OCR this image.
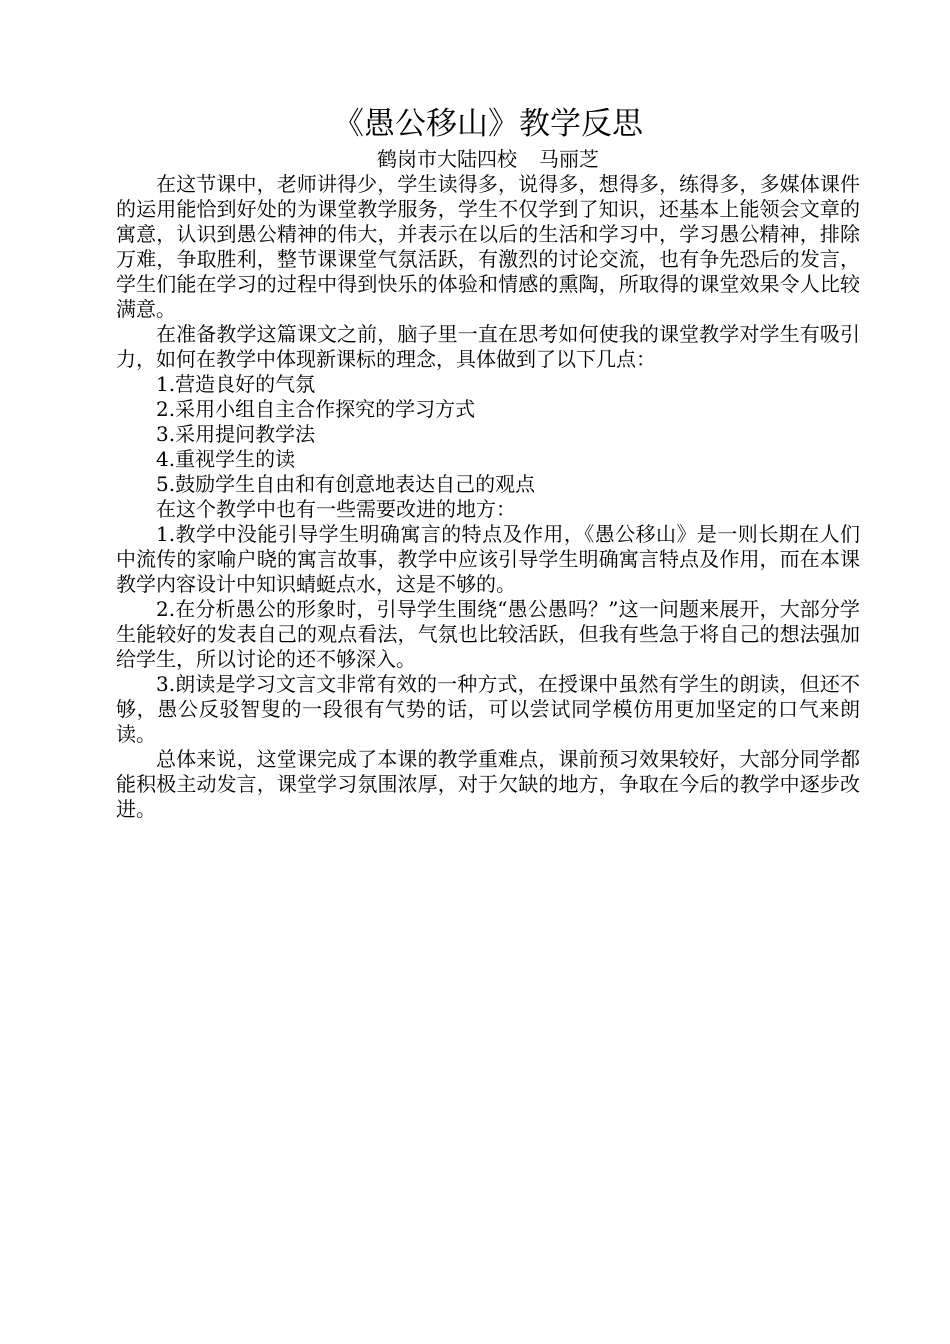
《愚公移山》教学反思

鹤岗市大陆四校 马丽芝

在这节课中，老师讲得少，学生读得多，说得多，想得多，练得多，多媒体课件的运用能恰到好处的为课堂教学服务，学生不仅学到了知识，还基本上能领会文章的寓意，认识到愚公精神的伟大，并表示在以后的生活和学习中，学习愚公精神，排除万难，争取胜利，整节课课堂气氛活跃，有激烈的讨论交流，也有争先恐后的发言，学生们能在学习的过程中得到快乐的体验和情感的熏陶，所取得的课堂效果令人比较满意。

在准备教学这篇课文之前，脑子里一直在思考如何使我的课堂教学对学生有吸引力，如何在教学中体现新课标的理念，具体做到了以下几点：

1.营造良好的气氛

2.采用小组自主合作探究的学习方式

3.采用提问教学法

4.重视学生的读

5.鼓励学生自由和有创意地表达自己的观点

在这个教学中也有一些需要改进的地方：

1.教学中没能引导学生明确寓言的特点及作用，《愚公移山》是一则长期在人们中流传的家喻户晓的寓言故事，教学中应该引导学生明确寓言特点及作用，而在本课教学内容设计中知识蜻蜓点水，这是不够的。

2.在分析愚公的形象时，引导学生围绕“愚公愚吗？”这一问题来展开，大部分学生能较好的发表自己的观点看法，气氛也比较活跃，但我有些急于将自己的想法强加给学生，所以讨论的还不够深入。

3.朗读是学习文言文非常有效的一种方式，在授课中虽然有学生的朗读，但还不够，愚公反驳智叟的一段很有气势的话，可以尝试同学模仿用更加坚定的口气来朗读。

总体来说，这堂课完成了本课的教学重难点，课前预习效果较好，大部分同学都能积极主动发言，课堂学习氛围浓厚，对于欠缺的地方，争取在今后的教学中逐步改进。
